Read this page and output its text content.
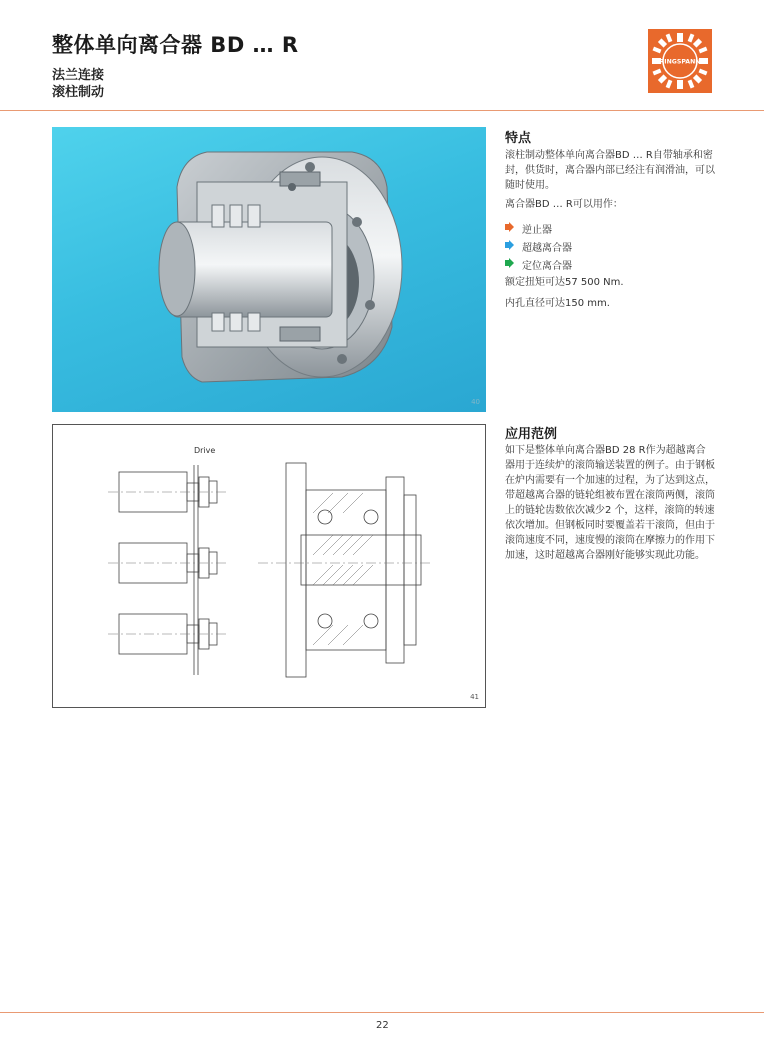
整体单向离合器 BD … R
法兰连接
滚柱制动
RINGSPANN
40
Drive
41
特点

滚柱制动整体单向离合器BD … R自带轴承和密封，供货时，离合器内部已经注有润滑油，可以随时使用。

离合器BD … R可以用作：

逆止器
超越离合器
定位离合器

额定扭矩可达57 500 Nm.

内孔直径可达150 mm.

应用范例

如下是整体单向离合器BD 28 R作为超越离合器用于连续炉的滚筒输送装置的例子。由于钢板在炉内需要有一个加速的过程，为了达到这点，带超越离合器的链轮组被布置在滚筒两侧，滚筒上的链轮齿数依次减少2 个，这样，滚筒的转速依次增加。但钢板同时要覆盖若干滚筒，但由于滚筒速度不同，速度慢的滚筒在摩擦力的作用下加速，这时超越离合器刚好能够实现此功能。

22
